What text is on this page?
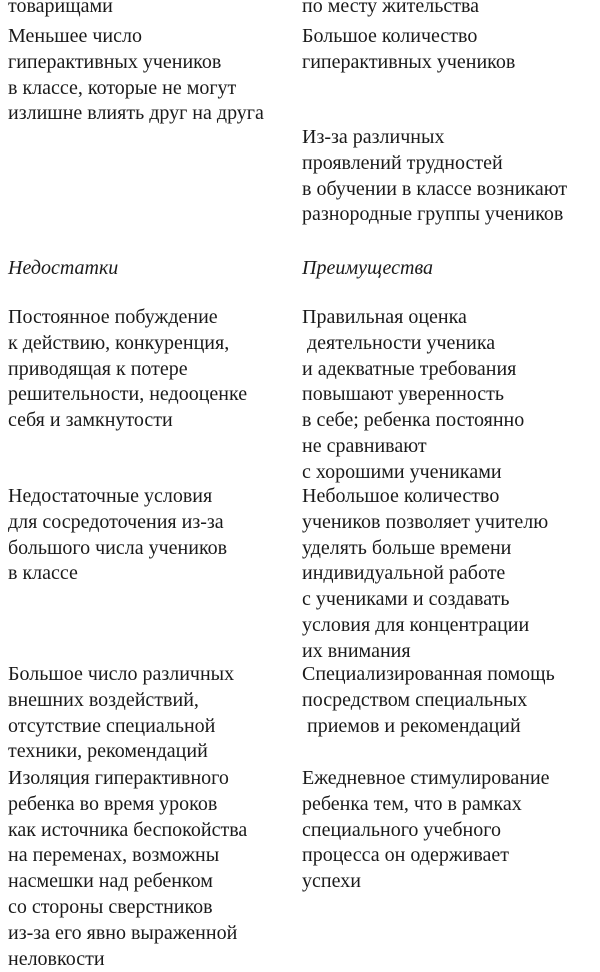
товарищами	по месту жительства
Меньшее число
гиперактивных учеников
в классе, которые не могут
излишне влиять друг на друга
Большое количество
гиперактивных учеников
Из-за различных
проявлений трудностей
в обучении в классе возникают
разнородные группы учеников
Недостатки	Преимущества
Постоянное побуждение
к действию, конкуренция,
приводящая к потере
решительности, недооценке
себя и замкнутости
Правильная оценка
деятельности ученика
и адекватные требования
повышают уверенность
в себе; ребенка постоянно
не сравнивают
с хорошими учениками
Недостаточные условия
для сосредоточения из-за
большого числа учеников
в классе
Небольшое количество
учеников позволяет учителю
уделять больше времени
индивидуальной работе
с учениками и создавать
условия для концентрации
их внимания
Большое число различных
внешних воздействий,
отсутствие специальной
техники, рекомендаций
Специализированная помощь
посредством специальных
приемов и рекомендаций
Изоляция гиперактивного
ребенка во время уроков
как источника беспокойства
на переменах, возможны
насмешки над ребенком
со стороны сверстников
из-за его явно выраженной
неловкости
Ежедневное стимулирование
ребенка тем, что в рамках
специального учебного
процесса он одерживает
успехи
